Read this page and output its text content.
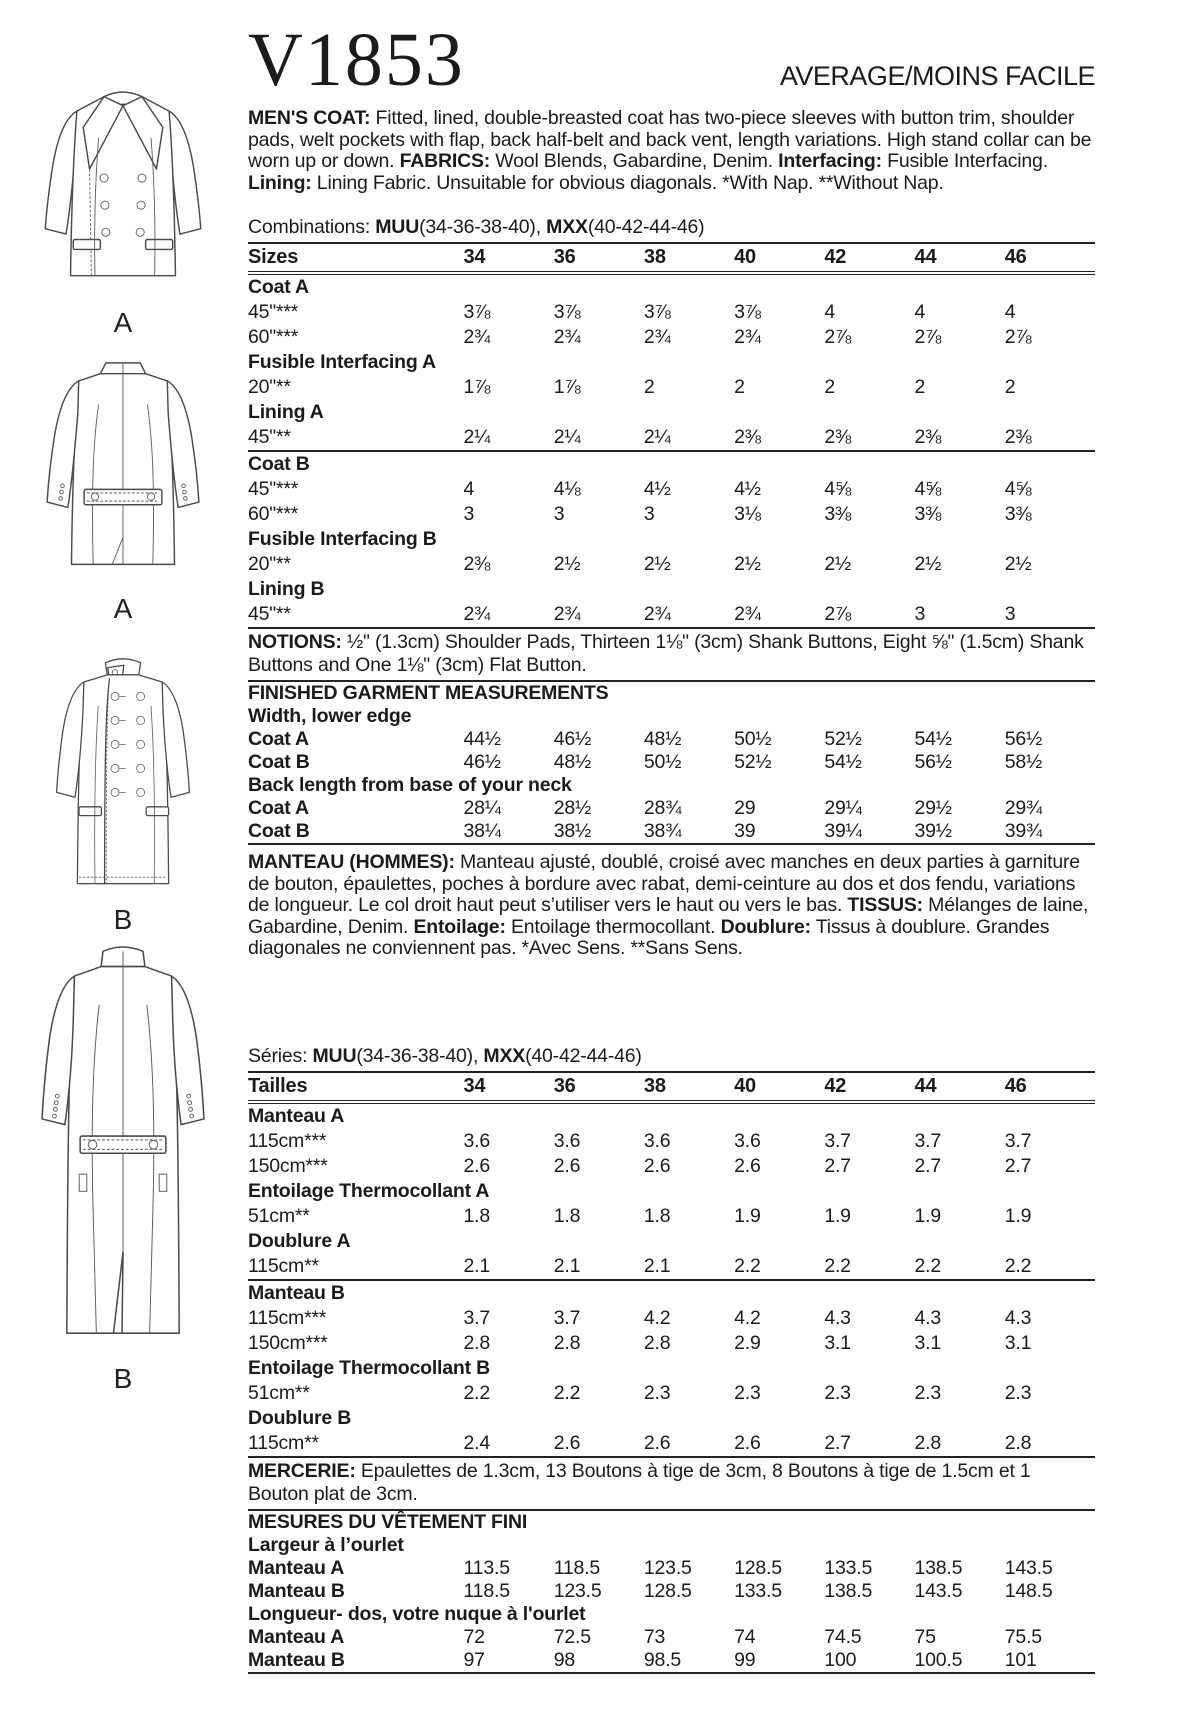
A
A
B
B
V1853	AVERAGE/MOINS FACILE

MEN'S COAT: Fitted, lined, double-breasted coat has two-piece sleeves with button trim, shoulder pads, welt pockets with flap, back half-belt and back vent, length variations. High stand collar can be worn up or down. FABRICS: Wool Blends, Gabardine, Denim. Interfacing: Fusible Interfacing. Lining: Lining Fabric. Unsuitable for obvious diagonals. *With Nap. **Without Nap.

Combinations: MUU(34-36-38-40), MXX(40-42-44-46)

Sizes	34	36	38	40	42	44	46
Coat A							
45"***	3⅞	3⅞	3⅞	3⅞	4	4	4
60"***	2¾	2¾	2¾	2¾	2⅞	2⅞	2⅞
Fusible Interfacing A							
20"**	1⅞	1⅞	2	2	2	2	2
Lining A							
45"**	2¼	2¼	2¼	2⅜	2⅜	2⅜	2⅜
Coat B							
45"***	4	4⅛	4½	4½	4⅝	4⅝	4⅝
60"***	3	3	3	3⅛	3⅜	3⅜	3⅜
Fusible Interfacing B							
20"**	2⅜	2½	2½	2½	2½	2½	2½
Lining B							
45"**	2¾	2¾	2¾	2¾	2⅞	3	3
NOTIONS: ½" (1.3cm) Shoulder Pads, Thirteen 1⅛" (3cm) Shank Buttons, Eight ⅝" (1.5cm) Shank Buttons and One 1⅛" (3cm) Flat Button.
FINISHED GARMENT MEASUREMENTS							
Width, lower edge							
Coat A	44½	46½	48½	50½	52½	54½	56½
Coat B	46½	48½	50½	52½	54½	56½	58½
Back length from base of your neck							
Coat A	28¼	28½	28¾	29	29¼	29½	29¾
Coat B	38¼	38½	38¾	39	39¼	39½	39¾

MANTEAU (HOMMES): Manteau ajusté, doublé, croisé avec manches en deux parties à garniture de bouton, épaulettes, poches à bordure avec rabat, demi-ceinture au dos et dos fendu, variations de longueur. Le col droit haut peut s’utiliser vers le haut ou vers le bas. TISSUS: Mélanges de laine, Gabardine, Denim. Entoilage: Entoilage thermocollant. Doublure: Tissus à doublure. Grandes diagonales ne conviennent pas. *Avec Sens. **Sans Sens.

Séries: MUU(34-36-38-40), MXX(40-42-44-46)

Tailles	34	36	38	40	42	44	46
Manteau A							
115cm***	3.6	3.6	3.6	3.6	3.7	3.7	3.7
150cm***	2.6	2.6	2.6	2.6	2.7	2.7	2.7
Entoilage Thermocollant A							
51cm**	1.8	1.8	1.8	1.9	1.9	1.9	1.9
Doublure A							
115cm**	2.1	2.1	2.1	2.2	2.2	2.2	2.2
Manteau B							
115cm***	3.7	3.7	4.2	4.2	4.3	4.3	4.3
150cm***	2.8	2.8	2.8	2.9	3.1	3.1	3.1
Entoilage Thermocollant B							
51cm**	2.2	2.2	2.3	2.3	2.3	2.3	2.3
Doublure B							
115cm**	2.4	2.6	2.6	2.6	2.7	2.8	2.8
MERCERIE: Epaulettes de 1.3cm, 13 Boutons à tige de 3cm, 8 Boutons à tige de 1.5cm et 1 Bouton plat de 3cm.
MESURES DU VÊTEMENT FINI							
Largeur à l’ourlet							
Manteau A	113.5	118.5	123.5	128.5	133.5	138.5	143.5
Manteau B	118.5	123.5	128.5	133.5	138.5	143.5	148.5
Longueur- dos, votre nuque à l'ourlet							
Manteau A	72	72.5	73	74	74.5	75	75.5
Manteau B	97	98	98.5	99	100	100.5	101
